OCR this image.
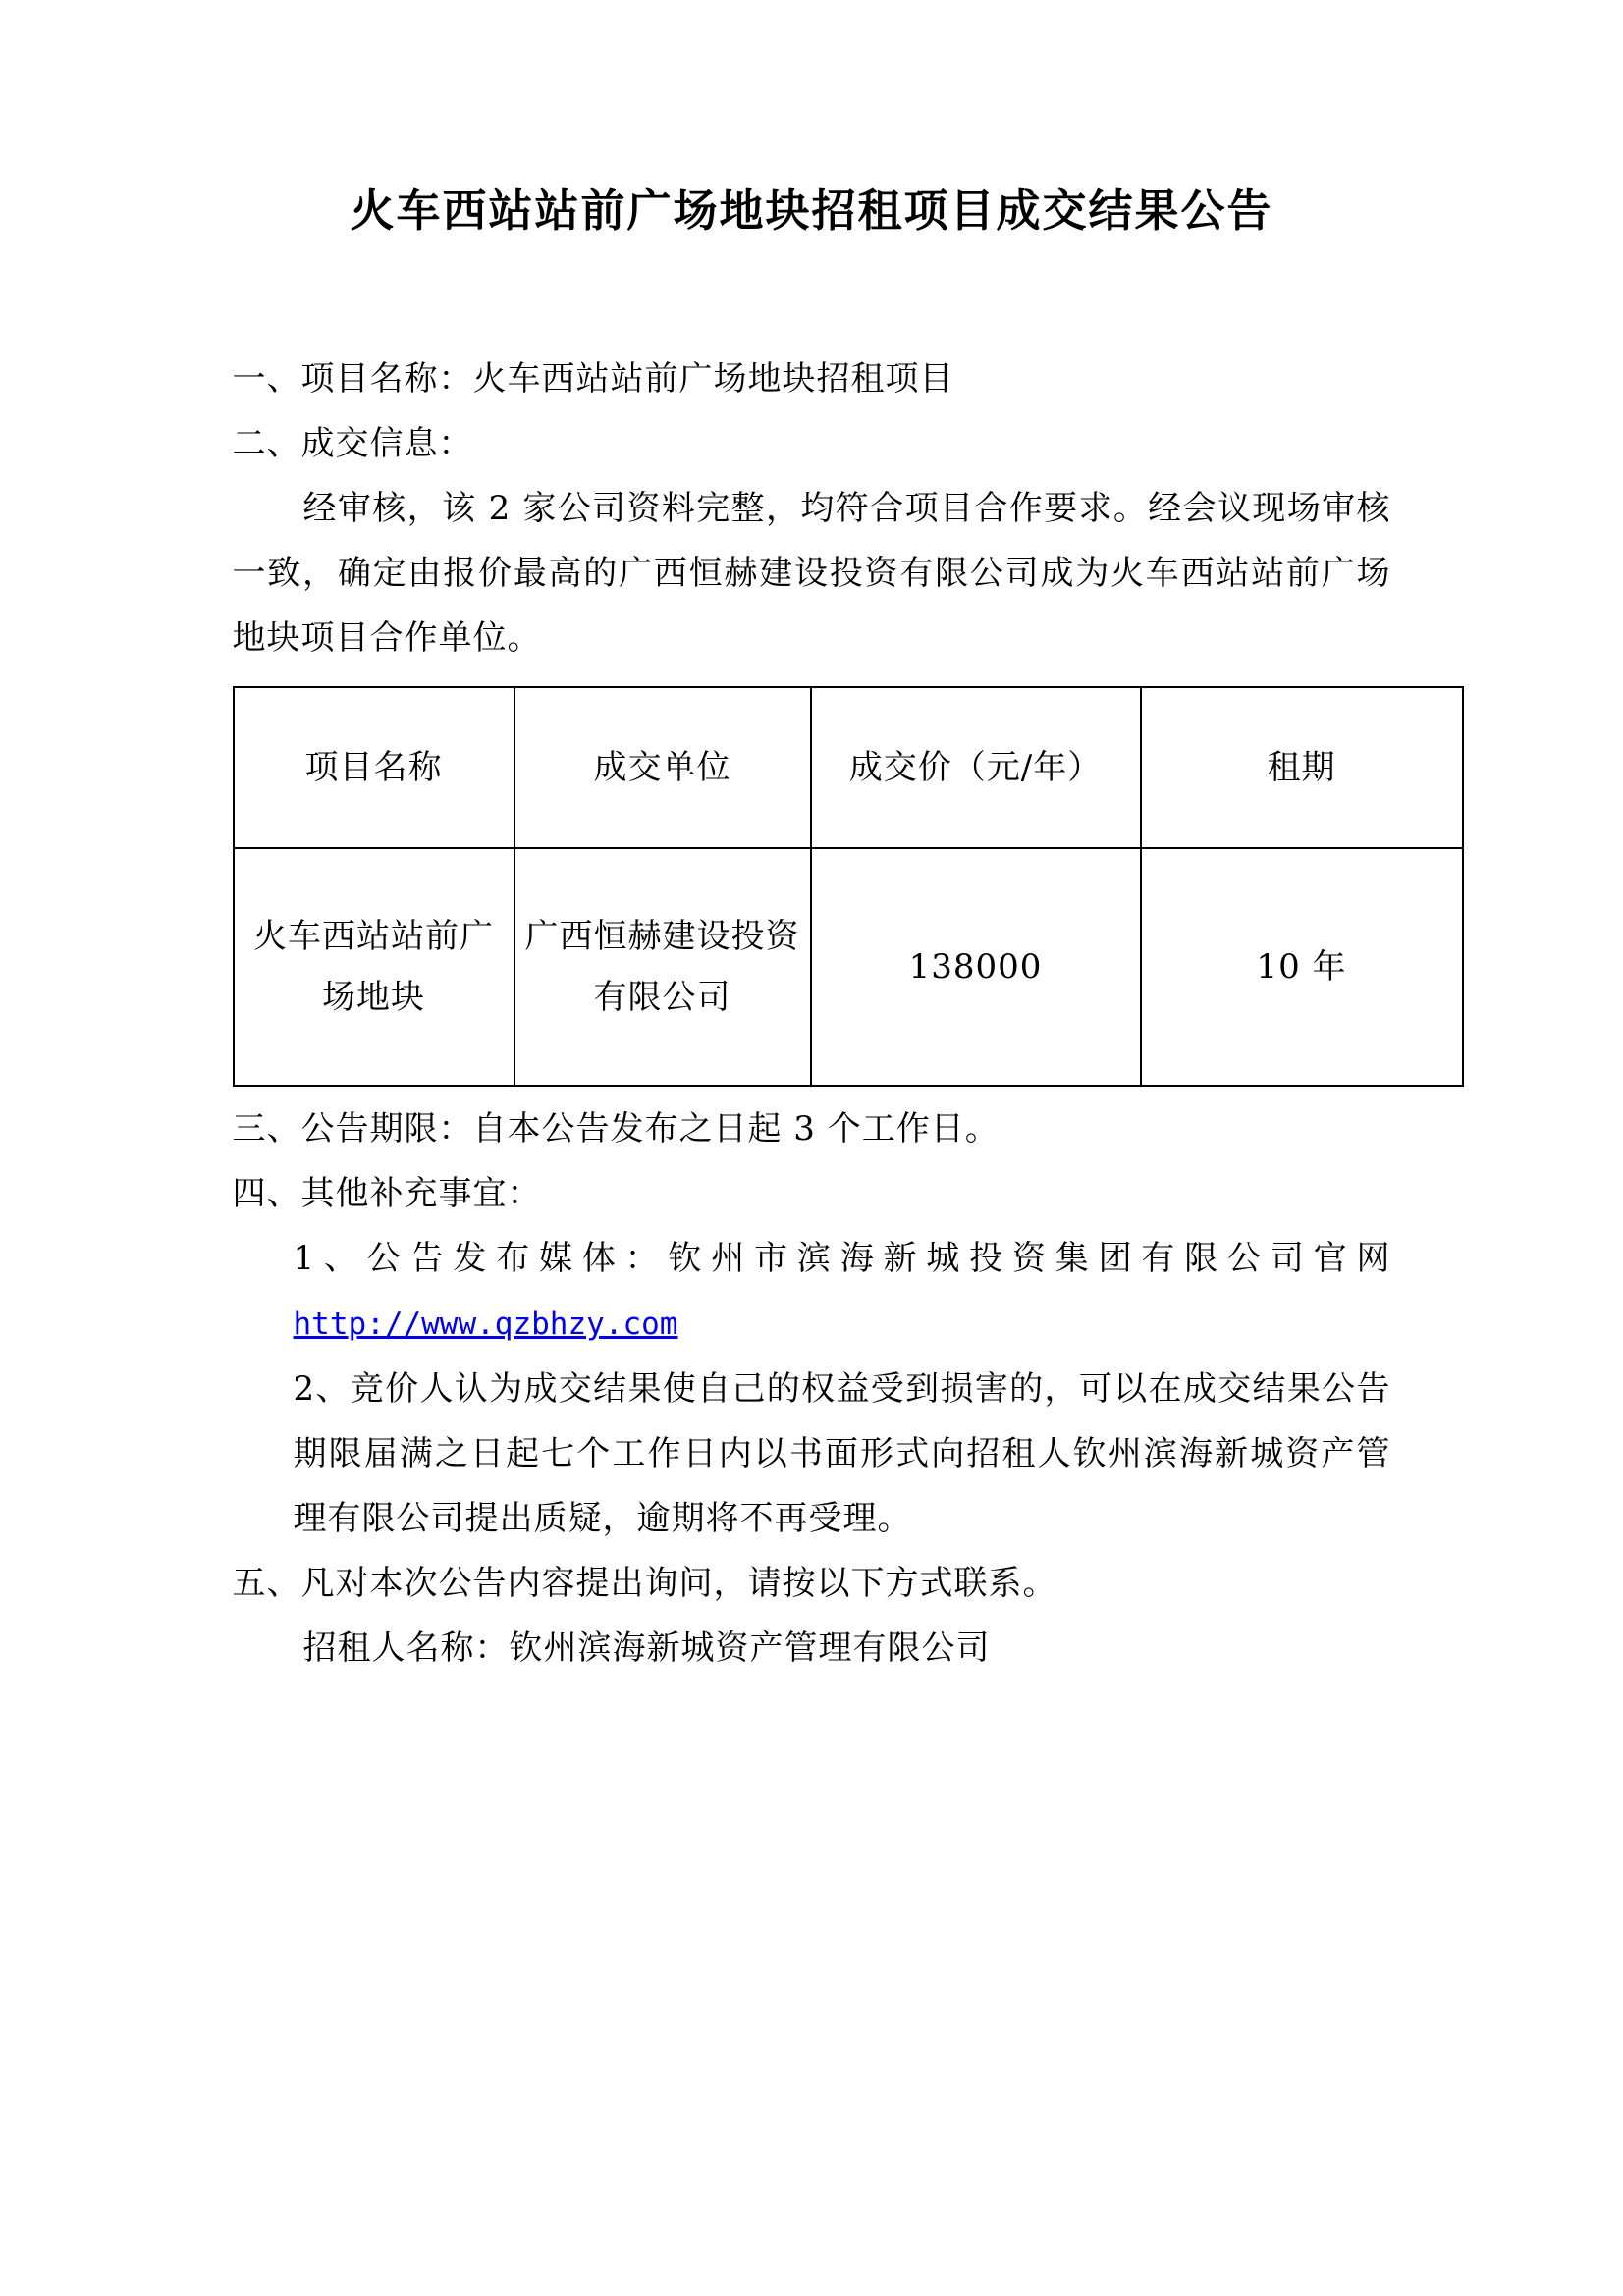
火车西站站前广场地块招租项目成交结果公告
一、项目名称：火车西站站前广场地块招租项目
二、成交信息：
经审核，该 2 家公司资料完整，均符合项目合作要求。经会议现场审核一致，确定由报价最高的广西恒赫建设投资有限公司成为火车西站站前广场地块项目合作单位。
项目名称	成交单位	成交价（元/年）	租期
火车西站站前广场地块	广西恒赫建设投资有限公司	138000	10 年
三、公告期限：自本公告发布之日起 3 个工作日。
四、其他补充事宜：
1、公告发布媒体：钦州市滨海新城投资集团有限公司官网 http://www.qzbhzy.com
2、竞价人认为成交结果使自己的权益受到损害的，可以在成交结果公告期限届满之日起七个工作日内以书面形式向招租人钦州滨海新城资产管理有限公司提出质疑，逾期将不再受理。
五、凡对本次公告内容提出询问，请按以下方式联系。
招租人名称：钦州滨海新城资产管理有限公司
